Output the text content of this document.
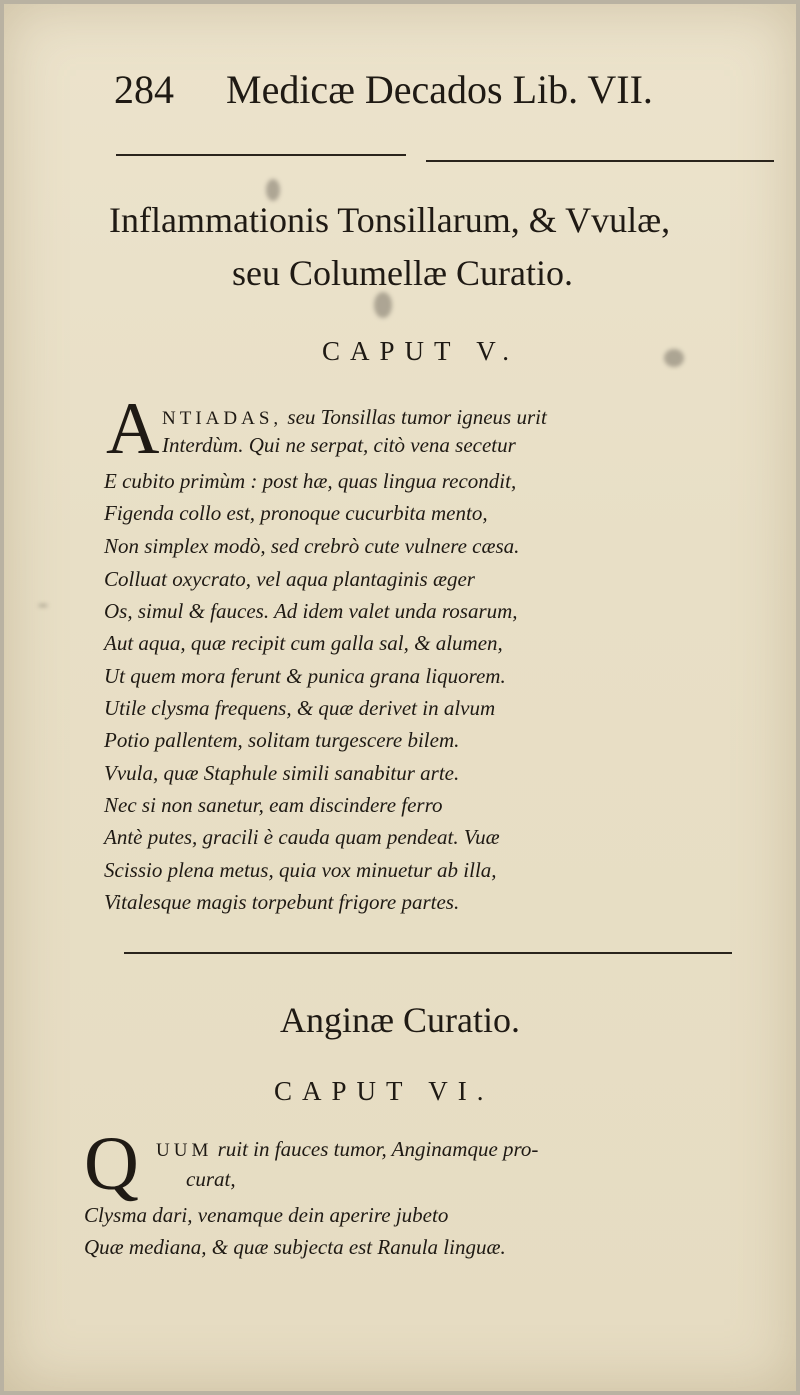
284 Medicæ Decados Lib. VII.
Inflammationis Tonsillarum, & Vvulæ,
seu Columellæ Curatio.
CAPUT V.
A NTIADAS, seu Tonsillas tumor igneus urit
Interdùm. Qui ne serpat, citò vena secetur
E cubito primùm : post hæ, quas lingua recondit,
Figenda collo est, pronoque cucurbita mento,
Non simplex modò, sed crebrò cute vulnere cæsa.
Colluat oxycrato, vel aqua plantaginis æger
Os, simul & fauces. Ad idem valet unda rosarum,
Aut aqua, quæ recipit cum galla sal, & alumen,
Ut quem mora ferunt & punica grana liquorem.
Utile clysma frequens, & quæ derivet in alvum
Potio pallentem, solitam turgescere bilem.
Vvula, quæ Staphule simili sanabitur arte.
Nec si non sanetur, eam discindere ferro
Antè putes, gracili è cauda quam pendeat. Vuæ
Scissio plena metus, quia vox minuetur ab illa,
Vitalesque magis torpebunt frigore partes.
Anginæ Curatio.
CAPUT VI.
Q UUM ruit in fauces tumor, Anginamque pro-
curat,
Clysma dari, venamque dein aperire jubeto
Quæ mediana, & quæ subjecta est Ranula linguæ.
